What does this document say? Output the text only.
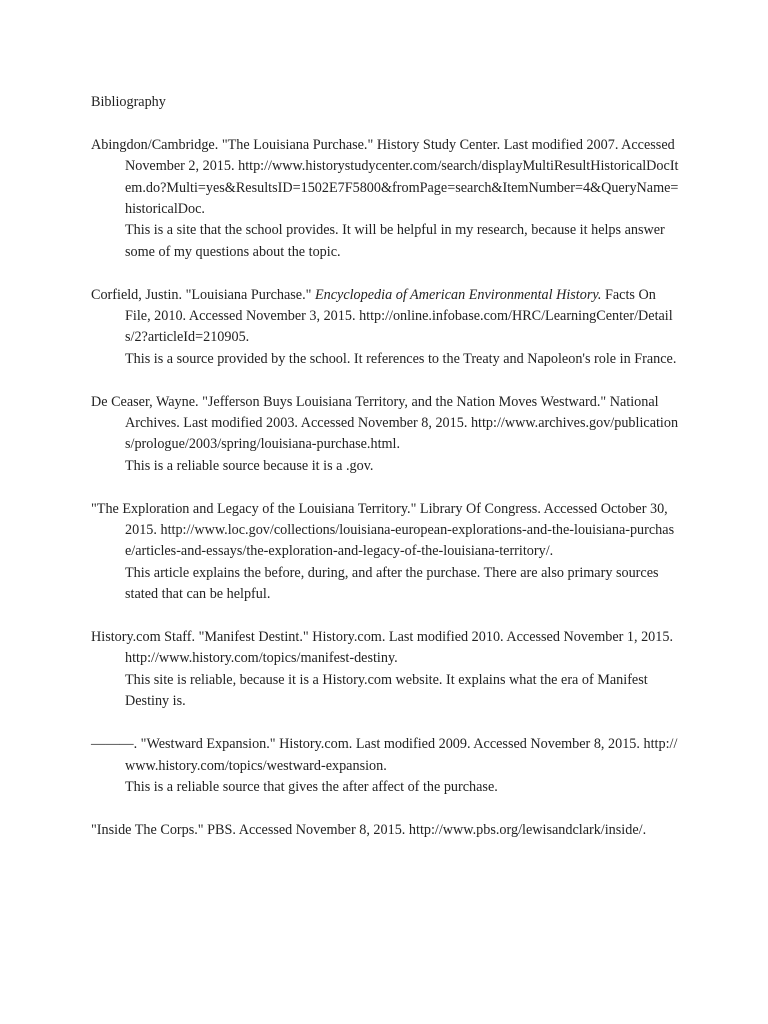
Bibliography

Abingdon/Cambridge. "The Louisiana Purchase." History Study Center. Last modified 2007. Accessed November 2, 2015. http://www.historystudycenter.com/search/displayMultiResultHistoricalDocItem.do?Multi=yes&ResultsID=1502E7F5800&fromPage=search&ItemNumber=4&QueryName=historicalDoc.

This is a site that the school provides. It will be helpful in my research, because it helps answer some of my questions about the topic.

Corfield, Justin. "Louisiana Purchase." Encyclopedia of American Environmental History. Facts On File, 2010. Accessed November 3, 2015. http://online.infobase.com/HRC/LearningCenter/Details/2?articleId=210905.

This is a source provided by the school. It references to the Treaty and Napoleon's role in France.

De Ceaser, Wayne. "Jefferson Buys Louisiana Territory, and the Nation Moves Westward." National Archives. Last modified 2003. Accessed November 8, 2015. http://www.archives.gov/publications/prologue/2003/spring/louisiana-purchase.html.

This is a reliable source because it is a .gov.

"The Exploration and Legacy of the Louisiana Territory." Library Of Congress. Accessed October 30, 2015. http://www.loc.gov/collections/louisiana-european-explorations-and-the-louisiana-purchase/articles-and-essays/the-exploration-and-legacy-of-the-louisiana-territory/.

This article explains the before, during, and after the purchase. There are also primary sources stated that can be helpful.

History.com Staff. "Manifest Destint." History.com. Last modified 2010. Accessed November 1, 2015. http://www.history.com/topics/manifest-destiny.

This site is reliable, because it is a History.com website. It explains what the era of Manifest Destiny is.

———. "Westward Expansion." History.com. Last modified 2009. Accessed November 8, 2015. http://www.history.com/topics/westward-expansion.

This is a reliable source that gives the after affect of the purchase.

"Inside The Corps." PBS. Accessed November 8, 2015. http://www.pbs.org/lewisandclark/inside/.
